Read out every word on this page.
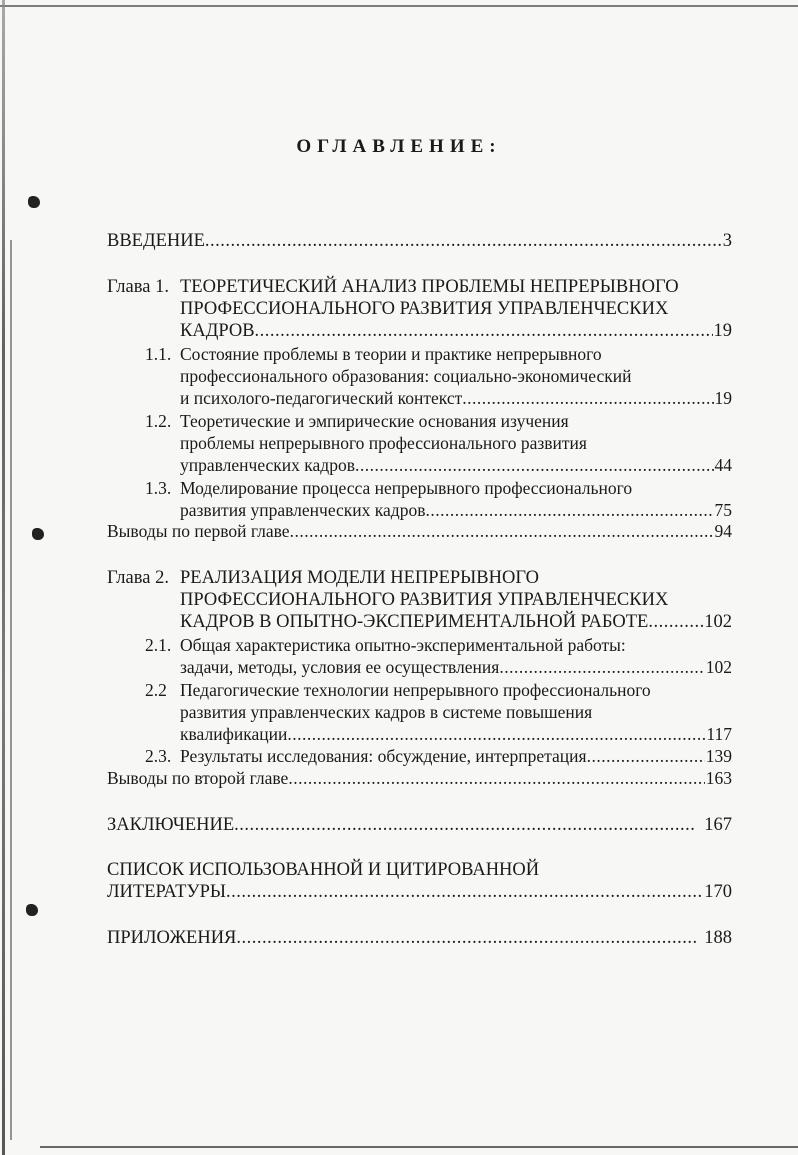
ОГЛАВЛЕНИЕ:
ВВЕДЕНИЕ .....	3
Глава 1. ТЕОРЕТИЧЕСКИЙ АНАЛИЗ ПРОБЛЕМЫ НЕПРЕРЫВНОГО
ПРОФЕССИОНАЛЬНОГО РАЗВИТИЯ УПРАВЛЕНЧЕСКИХ
КАДРОВ .....	19
1.1. Состояние проблемы в теории и практике непрерывного
профессионального образования: социально-экономический
и психолого-педагогический контекст .....	19
1.2. Теоретические и эмпирические основания изучения
проблемы непрерывного профессионального развития
управленческих кадров .....	44
1.3. Моделирование процесса непрерывного профессионального
развития управленческих кадров .....	75
Выводы по первой главе .....	94
Глава 2. РЕАЛИЗАЦИЯ МОДЕЛИ НЕПРЕРЫВНОГО
ПРОФЕССИОНАЛЬНОГО РАЗВИТИЯ УПРАВЛЕНЧЕСКИХ
КАДРОВ В ОПЫТНО-ЭКСПЕРИМЕНТАЛЬНОЙ РАБОТЕ .....	102
2.1. Общая характеристика опытно-экспериментальной работы:
задачи, методы, условия ее осуществления .....	102
2.2 Педагогические технологии непрерывного профессионального
развития управленческих кадров в системе повышения
квалификации .....	117
2.3. Результаты исследования: обсуждение, интерпретация .....	139
Выводы по второй главе .....	163
ЗАКЛЮЧЕНИЕ .....	167
СПИСОК ИСПОЛЬЗОВАННОЙ И ЦИТИРОВАННОЙ
ЛИТЕРАТУРЫ .....	170
ПРИЛОЖЕНИЯ .....	188
